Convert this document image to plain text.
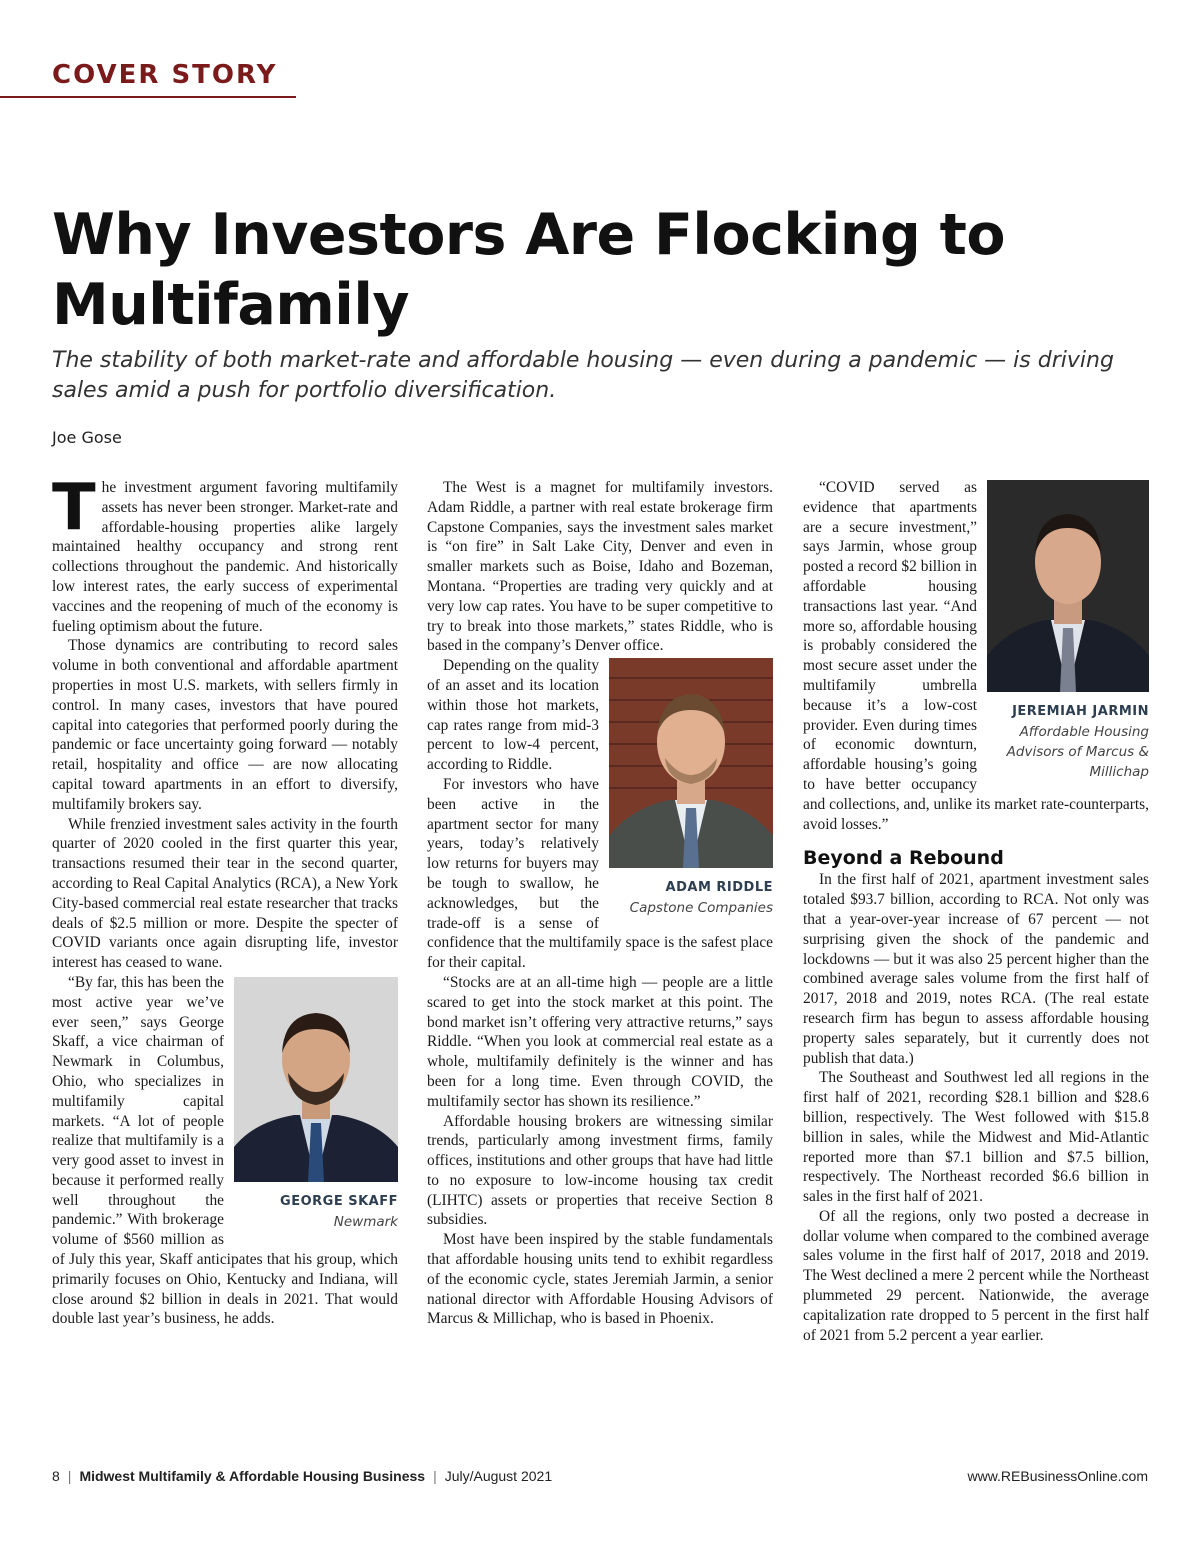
COVER STORY
Why Investors Are Flocking to Multifamily
The stability of both market-rate and affordable housing — even during a pandemic — is driving sales amid a push for portfolio diversification.
Joe Gose

The investment argument favoring multifamily assets has never been stronger. Market-rate and affordable-housing properties alike largely maintained healthy occupancy and strong rent collections throughout the pandemic. And historically low interest rates, the early success of experimental vaccines and the reopening of much of the economy is fueling optimism about the future.

Those dynamics are contributing to record sales volume in both conventional and affordable apartment properties in most U.S. markets, with sellers firmly in control. In many cases, investors that have poured capital into categories that performed poorly during the pandemic or face uncertainty going forward — notably retail, hospitality and office — are now allocating capital toward apartments in an effort to diversify, multifamily brokers say.

While frenzied investment sales activity in the fourth quarter of 2020 cooled in the first quarter this year, transactions resumed their tear in the second quarter, according to Real Capital Analytics (RCA), a New York City-based commercial real estate researcher that tracks deals of $2.5 million or more. Despite the specter of COVID variants once again disrupting life, investor interest has ceased to wane.

GEORGE SKAFF
Newmark

“By far, this has been the most active year we’ve ever seen,” says George Skaff, a vice chairman of Newmark in Columbus, Ohio, who specializes in multifamily capital markets. “A lot of people realize that multifamily is a very good asset to invest in because it performed really well throughout the pandemic.” With brokerage volume of $560 million as of July this year, Skaff anticipates that his group, which primarily focuses on Ohio, Kentucky and Indiana, will close around $2 billion in deals in 2021. That would double last year’s business, he adds.

The West is a magnet for multifamily investors. Adam Riddle, a partner with real estate brokerage firm Capstone Companies, says the investment sales market is “on fire” in Salt Lake City, Denver and even in smaller markets such as Boise, Idaho and Bozeman, Montana. “Properties are trading very quickly and at very low cap rates. You have to be super competitive to try to break into those markets,” states Riddle, who is based in the company’s Denver office.

ADAM RIDDLE
Capstone Companies

Depending on the quality of an asset and its location within those hot markets, cap rates range from mid-3 percent to low-4 percent, according to Riddle.

For investors who have been active in the apartment sector for many years, today’s relatively low returns for buyers may be tough to swallow, he acknowledges, but the trade-off is a sense of confidence that the multifamily space is the safest place for their capital.

“Stocks are at an all-time high — people are a little scared to get into the stock market at this point. The bond market isn’t offering very attractive returns,” says Riddle. “When you look at commercial real estate as a whole, multifamily definitely is the winner and has been for a long time. Even through COVID, the multifamily sector has shown its resilience.”

Affordable housing brokers are witnessing similar trends, particularly among investment firms, family offices, institutions and other groups that have had little to no exposure to low-income housing tax credit (LIHTC) assets or properties that receive Section 8 subsidies.

Most have been inspired by the stable fundamentals that affordable housing units tend to exhibit regardless of the economic cycle, states Jeremiah Jarmin, a senior national director with Affordable Housing Advisors of Marcus & Millichap, who is based in Phoenix.

JEREMIAH JARMIN
Affordable Housing Advisors of Marcus & Millichap

“COVID served as evidence that apartments are a secure investment,” says Jarmin, whose group posted a record $2 billion in affordable housing transactions last year. “And more so, affordable housing is probably considered the most secure asset under the multifamily umbrella because it’s a low-cost provider. Even during times of economic downturn, affordable housing’s going to have better occupancy and collections, and, unlike its market rate-counterparts, avoid losses.”

Beyond a Rebound

In the first half of 2021, apartment investment sales totaled $93.7 billion, according to RCA. Not only was that a year-over-year increase of 67 percent — not surprising given the shock of the pandemic and lockdowns — but it was also 25 percent higher than the combined average sales volume from the first half of 2017, 2018 and 2019, notes RCA. (The real estate research firm has begun to assess affordable housing property sales separately, but it currently does not publish that data.)

The Southeast and Southwest led all regions in the first half of 2021, recording $28.1 billion and $28.6 billion, respectively. The West followed with $15.8 billion in sales, while the Midwest and Mid-Atlantic reported more than $7.1 billion and $7.5 billion, respectively. The Northeast recorded $6.6 billion in sales in the first half of 2021.

Of all the regions, only two posted a decrease in dollar volume when compared to the combined average sales volume in the first half of 2017, 2018 and 2019. The West declined a mere 2 percent while the Northeast plummeted 29 percent. Nationwide, the average capitalization rate dropped to 5 percent in the first half of 2021 from 5.2 percent a year earlier.

8 | Midwest Multifamily & Affordable Housing Business | July/August 2021	www.REBusinessOnline.com
